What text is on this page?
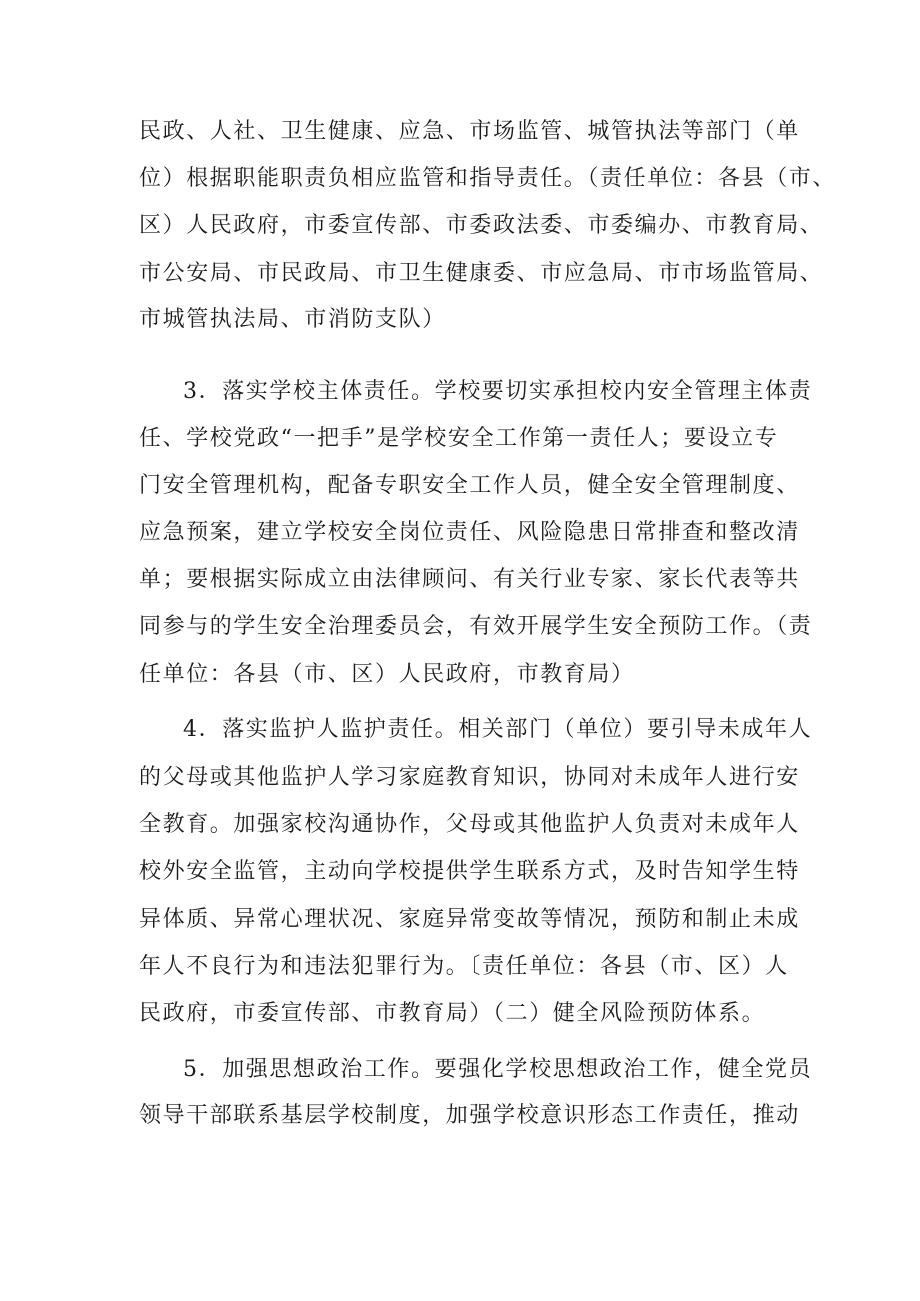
民政、人社、卫生健康、应急、市场监管、城管执法等部门（单
位）根据职能职责负相应监管和指导责任。（责任单位：各县（市、
区）人民政府，市委宣传部、市委政法委、市委编办、市教育局、
市公安局、市民政局、市卫生健康委、市应急局、市市场监管局、
市城管执法局、市消防支队）
3．落实学校主体责任。学校要切实承担校内安全管理主体责
任、学校党政“一把手”是学校安全工作第一责任人；要设立专
门安全管理机构，配备专职安全工作人员，健全安全管理制度、
应急预案，建立学校安全岗位责任、风险隐患日常排查和整改清
单；要根据实际成立由法律顾问、有关行业专家、家长代表等共
同参与的学生安全治理委员会，有效开展学生安全预防工作。（责
任单位：各县（市、区）人民政府，市教育局）
4．落实监护人监护责任。相关部门（单位）要引导未成年人
的父母或其他监护人学习家庭教育知识，协同对未成年人进行安
全教育。加强家校沟通协作，父母或其他监护人负责对未成年人
校外安全监管，主动向学校提供学生联系方式，及时告知学生特
异体质、异常心理状况、家庭异常变故等情况，预防和制止未成
年人不良行为和违法犯罪行为。〔责任单位：各县（市、区）人
民政府，市委宣传部、市教育局）（二）健全风险预防体系。
5．加强思想政治工作。要强化学校思想政治工作，健全党员
领导干部联系基层学校制度，加强学校意识形态工作责任，推动
